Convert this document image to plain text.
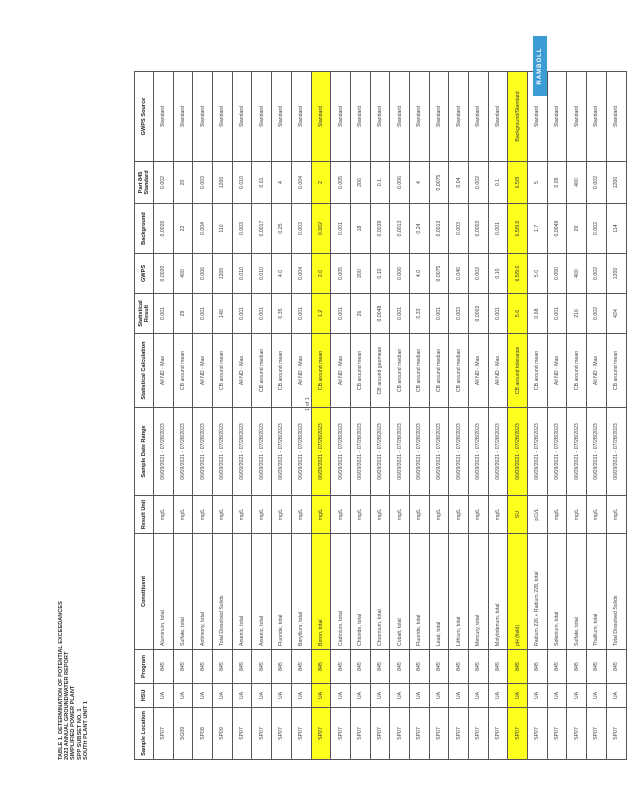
TABLE 1. DETERMINATION OF POTENTIAL EXCEEDANCES 2023 ANNUAL GROUNDWATER REPORT SIMPLIFIED POWER PLANT SPP SUBSET NO. 1 SOUTH PLANT UNIT 1	Sample Location	HSU	Program	Constituent	Result Unit	Sample Date Range	Statistical Calculation	Statistical Result	GWPS	Background	Part 845 Standard	GWPS Source
SP07	UA	845	Aluminum, total	mg/L	06/09/2021 - 07/28/2023	All ND - Max	0.001	0.0020	0.0020	0.002	Standard
SG09	UA	845	Sulfate, total	mg/L	06/09/2021 - 07/28/2023	CB around mean	29	400	22	20	Standard
SP08	UA	845	Antimony, total	mg/L	06/09/2021 - 07/28/2023	All ND - Max	0.001	0.006	0.004	0.003	Standard
SP09	UA	845	Total Dissolved Solids	mg/L	06/09/2021 - 07/28/2023	CB around mean	140	1200	110	1200	Standard
SP07	UA	845	Arsenic, total	mg/L	06/09/2021 - 07/28/2023	All ND - Max	0.001	0.010	0.003	0.010	Standard
SP07	UA	845	Arsenic, total	mg/L	06/09/2021 - 07/28/2023	CB around median	0.001	0.010	0.0017	0.01	Standard
SP07	UA	845	Fluoride, total	mg/L	06/09/2021 - 07/28/2023	CB around mean	0.35	4.0	0.25	4	Standard
SP07	UA	845	Beryllium, total	mg/L	06/09/2021 - 07/28/2023	All ND - Max	0.001	0.004	0.003	0.004	Standard
SP07	UA	845	Boron, total	mg/L	06/09/2021 - 07/28/2023	CB around mean	1.2	2.0	0.002	2	Standard
SP07	UA	845	Cadmium, total	mg/L	06/09/2021 - 07/28/2023	All ND - Max	0.001	0.005	0.001	0.005	Standard
SP07	UA	845	Chloride, total	mg/L	06/09/2021 - 07/28/2023	CB around mean	26	200	18	200	Standard
SP07	UA	845	Chromium, total	mg/L	06/09/2021 - 07/28/2023	CB around geomean	0.0048	0.10	0.0039	0.1	Standard
SP07	UA	845	Cobalt, total	mg/L	06/09/2021 - 07/28/2023	CB around median	0.001	0.006	0.0013	0.006	Standard
SP07	UA	845	Fluoride, total	mg/L	06/09/2021 - 07/28/2023	CB around median	0.33	4.0	0.24	4	Standard
SP07	UA	845	Lead, total	mg/L	06/09/2021 - 07/28/2023	CB around median	0.001	0.0075	0.0013	0.0075	Standard
SP07	UA	845	Lithium, total	mg/L	06/09/2021 - 07/28/2023	CB around median	0.003	0.040	0.003	0.04	Standard
SP07	UA	845	Mercury, total	mg/L	06/09/2021 - 07/28/2023	All ND - Max	0.0002	0.002	0.0002	0.002	Standard
SP07	UA	845	Molybdenum, total	mg/L	06/09/2021 - 07/28/2023	All ND - Max	0.001	0.10	0.001	0.1	Standard
SP07	UA	845	pH (field)	SU	06/09/2021 - 07/28/2023	CB around tolerance	5.6	6.5/9.0	6.5/9.0	6.5/9	Background/Standard
SP07	UA	845	Radium 226 + Radium 228, total	pCi/L	06/09/2021 - 07/28/2023	CB around mean	0.68	5.0	1.7	5	Standard
SP07	UA	845	Selenium, total	mg/L	06/09/2021 - 07/28/2023	All ND - Max	0.001	0.050	0.0049	0.05	Standard
SP07	UA	845	Sulfate, total	mg/L	06/09/2021 - 07/28/2023	CB around mean	216	400	29	400	Standard
SP07	UA	845	Thallium, total	mg/L	06/09/2021 - 07/28/2023	All ND - Max	0.002	0.002	0.002	0.002	Standard
SP07	UA	845	Total Dissolved Solids	mg/L	06/09/2021 - 07/28/2023	CB around mean	424	1200	114	1200	Standard
RAMBOLL
1 of 1
